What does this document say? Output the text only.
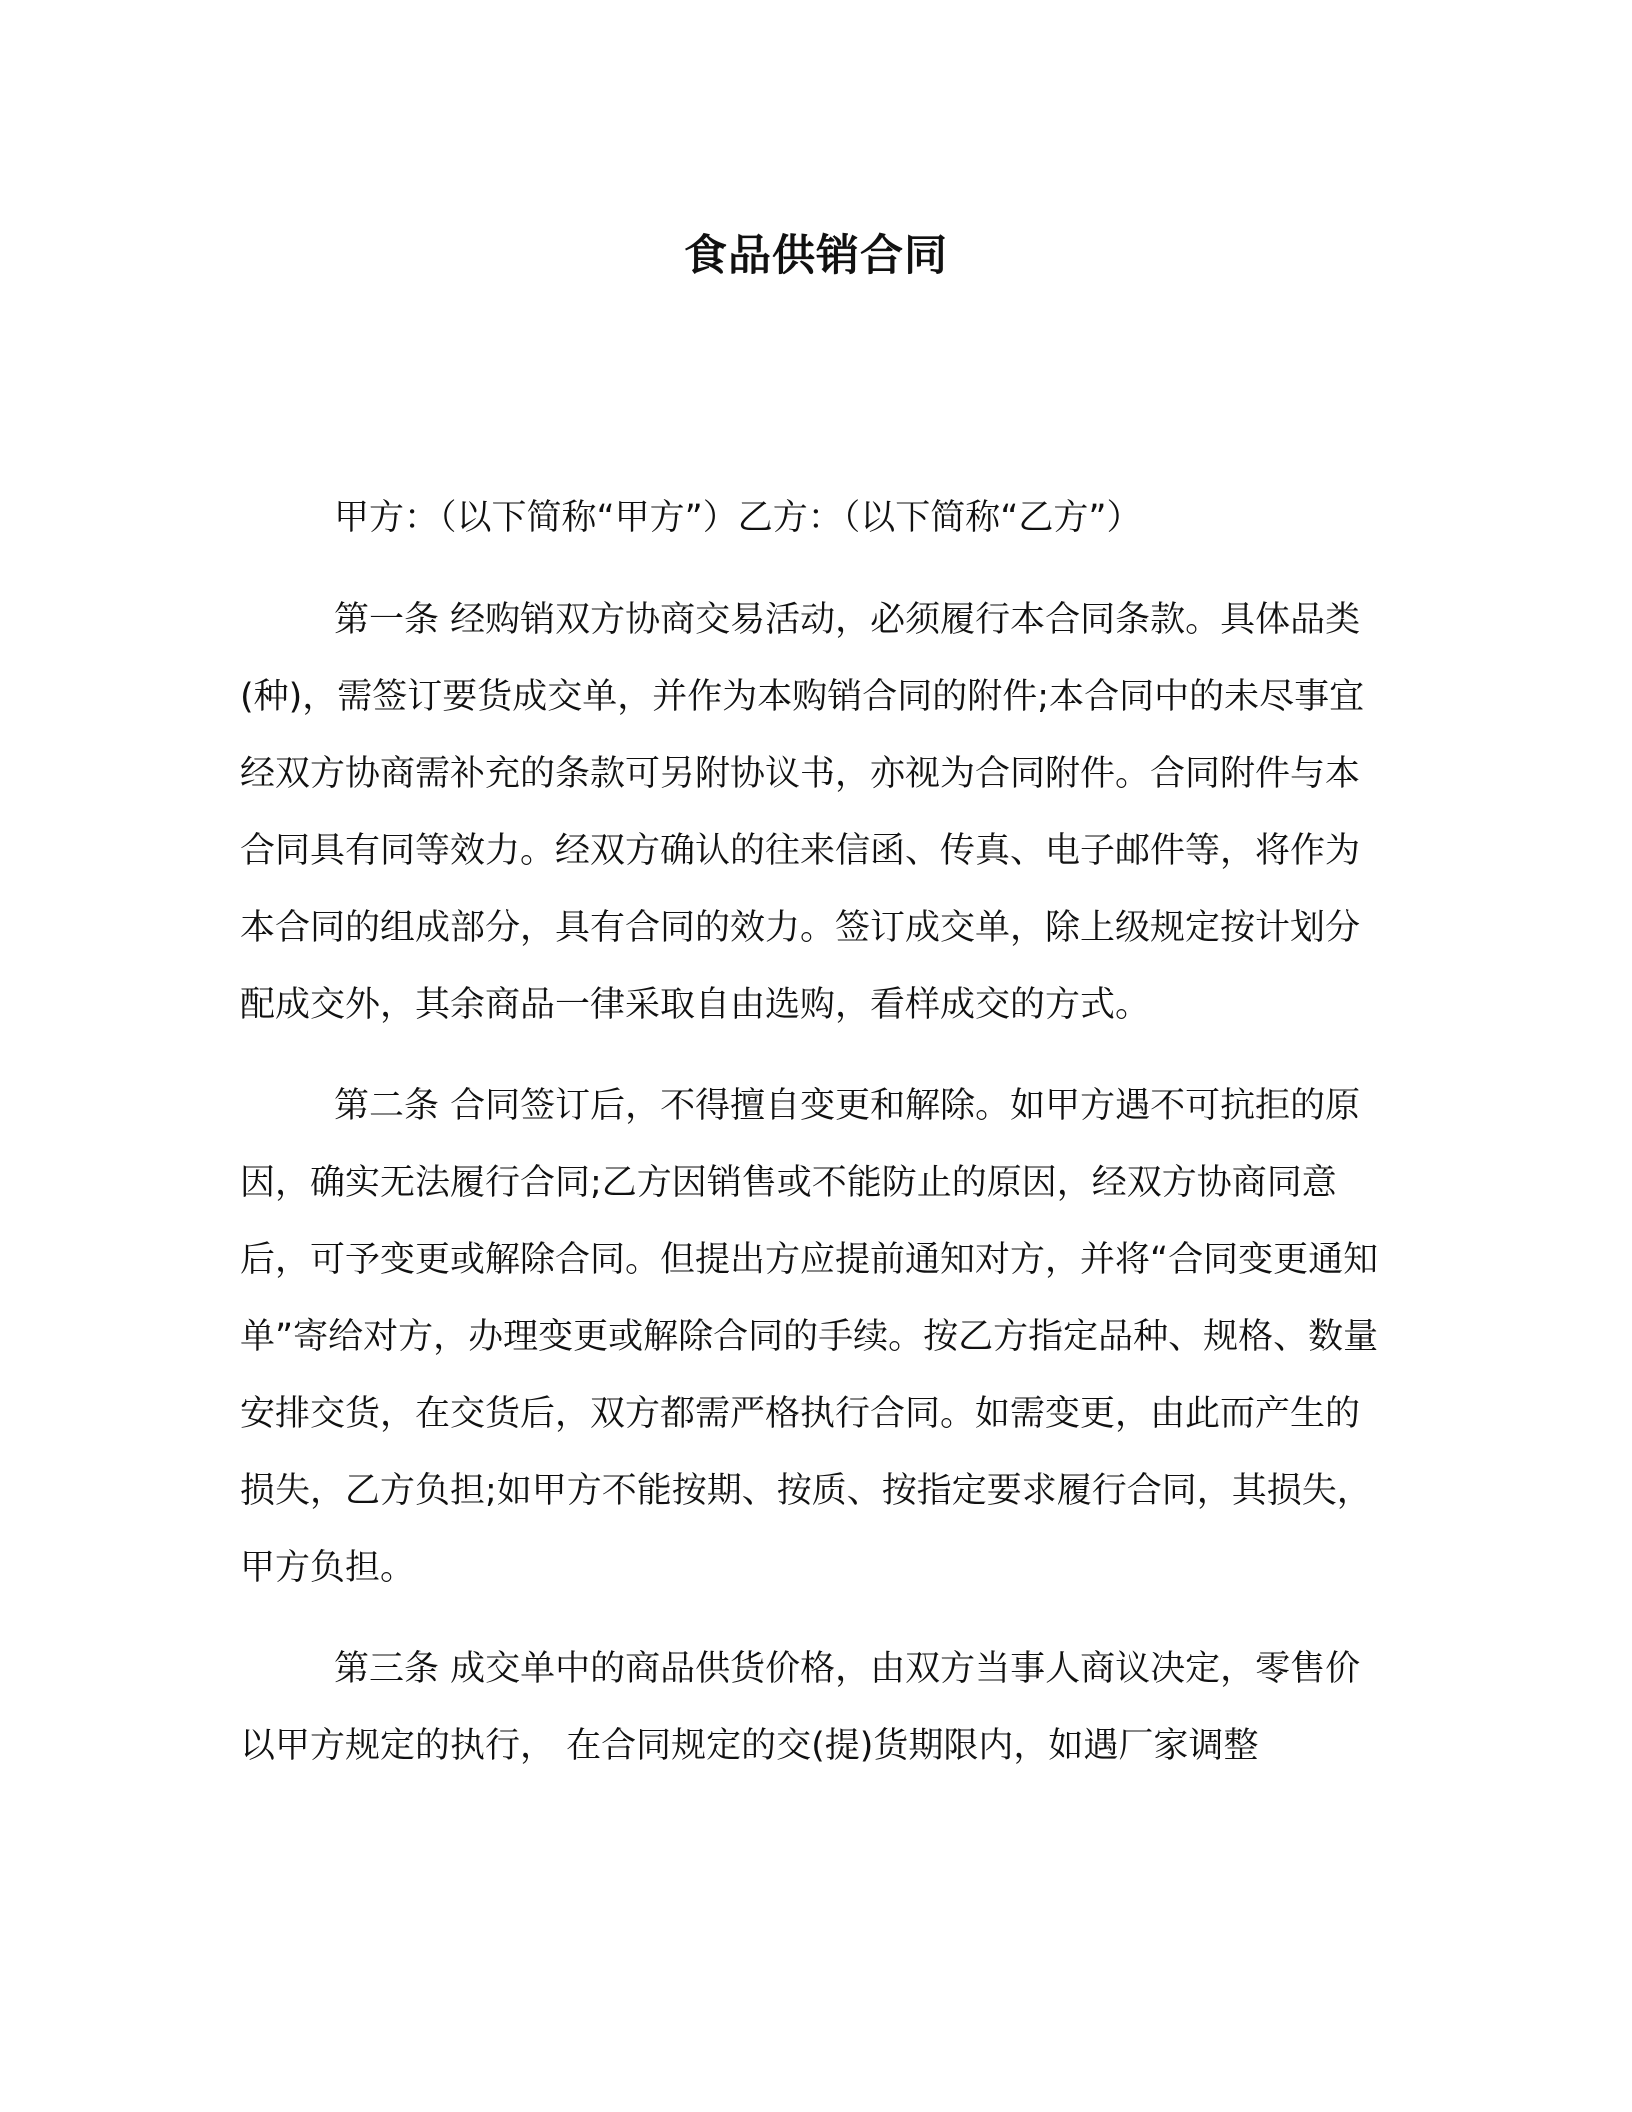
食品供销合同

甲方：（以下简称“甲方”）乙方：（以下简称“乙方”）

第一条 经购销双方协商交易活动，必须履行本合同条款。具体品类(种)，需签订要货成交单，并作为本购销合同的附件;本合同中的未尽事宜经双方协商需补充的条款可另附协议书，亦视为合同附件。合同附件与本合同具有同等效力。经双方确认的往来信函、传真、电子邮件等，将作为本合同的组成部分，具有合同的效力。签订成交单，除上级规定按计划分配成交外，其余商品一律采取自由选购，看样成交的方式。

第二条 合同签订后，不得擅自变更和解除。如甲方遇不可抗拒的原因，确实无法履行合同;乙方因销售或不能防止的原因，经双方协商同意后，可予变更或解除合同。但提出方应提前通知对方，并将“合同变更通知单”寄给对方，办理变更或解除合同的手续。按乙方指定品种、规格、数量安排交货，在交货后，双方都需严格执行合同。如需变更，由此而产生的损失，乙方负担;如甲方不能按期、按质、按指定要求履行合同，其损失，甲方负担。

第三条 成交单中的商品供货价格，由双方当事人商议决定，零售价以甲方规定的执行， 在合同规定的交(提)货期限内，如遇厂家调整
